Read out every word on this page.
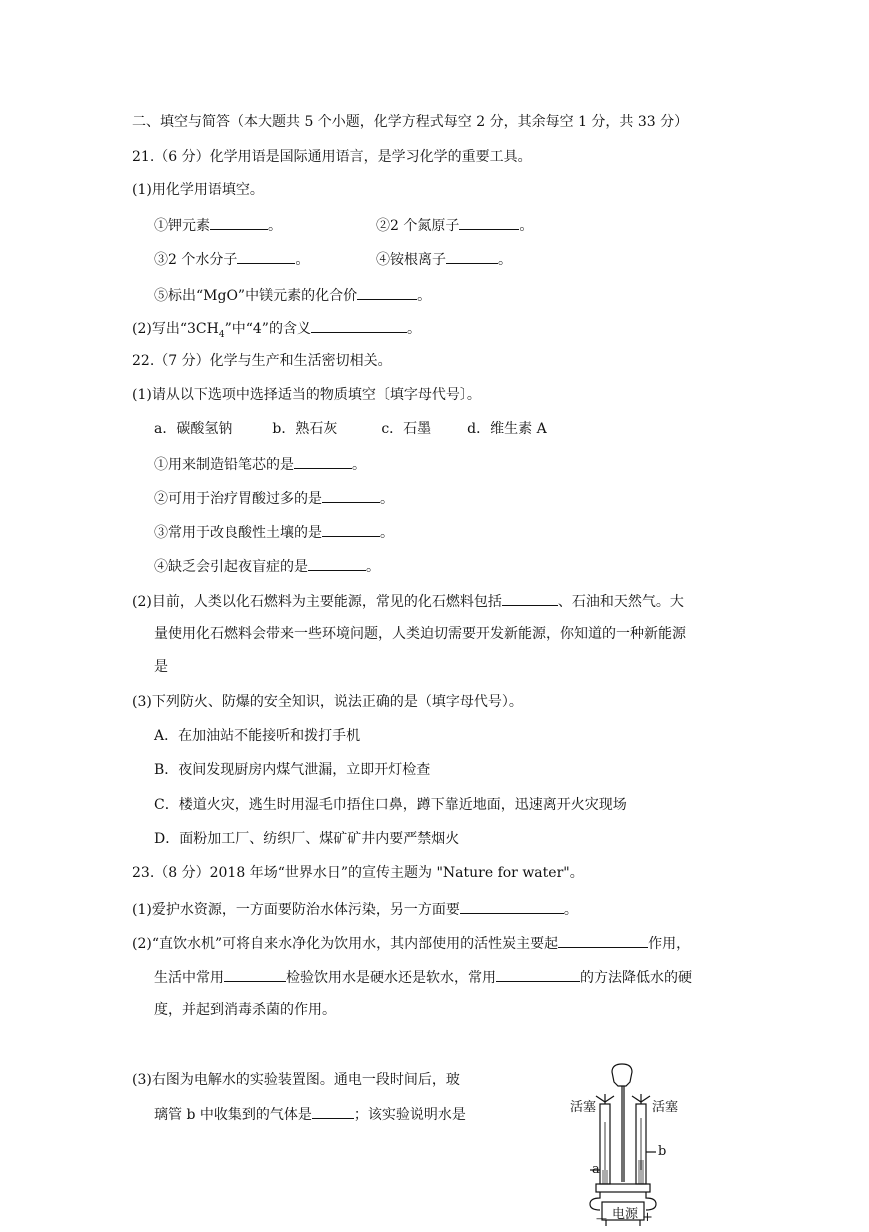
二、填空与简答（本大题共 5 个小题，化学方程式每空 2 分，其余每空 1 分，共 33 分）
21.（6 分）化学用语是国际通用语言，是学习化学的重要工具。
(1)用化学用语填空。
①钾元素	。	②2 个氮原子	。
③2 个水分子	。	④铵根离子	。
⑤标出“MgO”中镁元素的化合价	。
(2)写出“$3CH_4$”中“4”的含义	。
22.（7 分）化学与生产和生活密切相关。
(1)请从以下选项中选择适当的物质填空〔填字母代号〕。
a．碳酸氢钠	b．熟石灰	c．石墨	d．维生素 A
①用来制造铅笔芯的是	。
②可用于治疗胃酸过多的是	。
③常用于改良酸性土壤的是	。
④缺乏会引起夜盲症的是	。
(2)目前，人类以化石燃料为主要能源，常见的化石燃料包括	、石油和天然气。大
量使用化石燃料会带来一些环境问题，人类迫切需要开发新能源，你知道的一种新能源
是
(3)下列防火、防爆的安全知识，说法正确的是（填字母代号）。
A．在加油站不能接听和拨打手机
B．夜间发现厨房内煤气泄漏，立即开灯检查
C．楼道火灾，逃生时用湿毛巾捂住口鼻，蹲下靠近地面，迅速离开火灾现场
D．面粉加工厂、纺织厂、煤矿矿井内要严禁烟火
23.（8 分）2018 年场“世界水日”的宣传主题为 "Nature for water"。
(1)爱护水资源，一方面要防治水体污染，另一方面要	。
(2)“直饮水机”可将自来水净化为饮用水，其内部使用的活性炭主要起	作用，
生活中常用	检验饮用水是硬水还是软水，常用	的方法降低水的硬
度，并起到消毒杀菌的作用。
(3)右图为电解水的实验装置图。通电一段时间后，玻
璃管 b 中收集到的气体是	；该实验说明水是	活塞	活塞
b
a
电源
—	+
